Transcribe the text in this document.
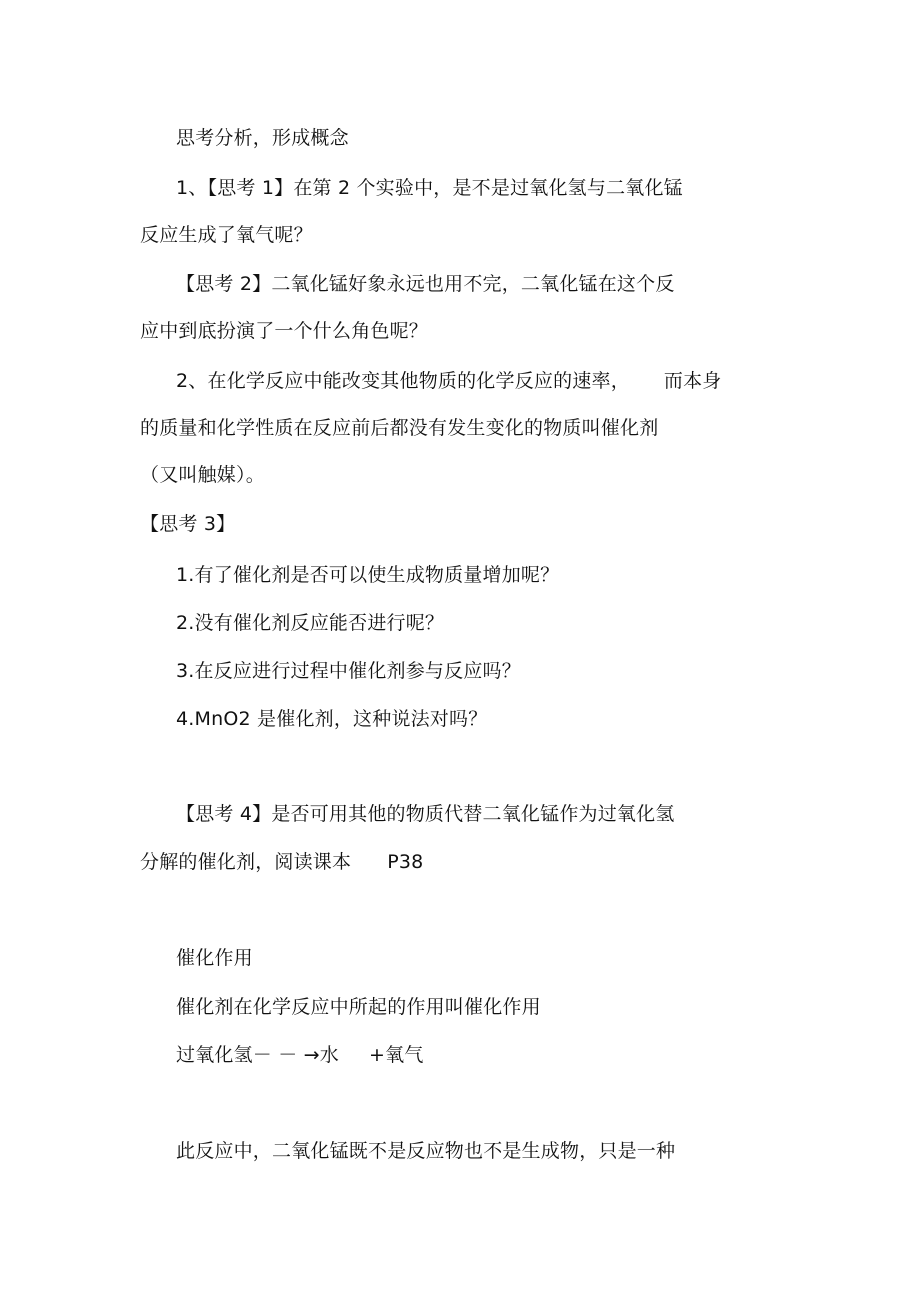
思考分析，形成概念
1、【思考 1】在第 2 个实验中，是不是过氧化氢与二氧化锰
反应生成了氧气呢？
【思考 2】二氧化锰好象永远也用不完，二氧化锰在这个反
应中到底扮演了一个什么角色呢？
2、在化学反应中能改变其他物质的化学反应的速率， 而本身
的质量和化学性质在反应前后都没有发生变化的物质叫催化剂
（又叫触媒）。
【思考 3】
1.有了催化剂是否可以使生成物质量增加呢？
2.没有催化剂反应能否进行呢？
3.在反应进行过程中催化剂参与反应吗？
4.MnO2 是催化剂，这种说法对吗？
【思考 4】是否可用其他的物质代替二氧化锰作为过氧化氢
分解的催化剂，阅读课本 P38
催化作用
催化剂在化学反应中所起的作用叫催化作用
过氧化氢－ － →水 +氧气
此反应中，二氧化锰既不是反应物也不是生成物，只是一种
